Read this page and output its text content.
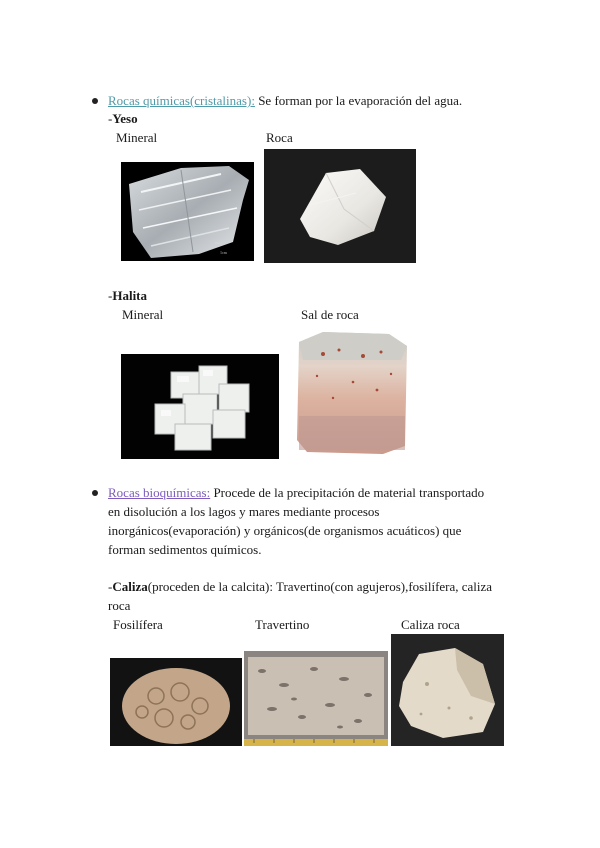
Rocas químicas(cristalinas): Se forman por la evaporación del agua.
-Yeso
Mineral	Roca
1cm
-Halita
Mineral	Sal de roca
Rocas bioquímicas: Procede de la precipitación de material transportado
en disolución a los lagos y mares mediante procesos
inorgánicos(evaporación) y orgánicos(de organismos acuáticos) que
forman sedimentos químicos.
-Caliza(proceden de la calcita): Travertino(con agujeros),fosilífera, caliza
roca
Fosilífera	Travertino	Caliza roca
